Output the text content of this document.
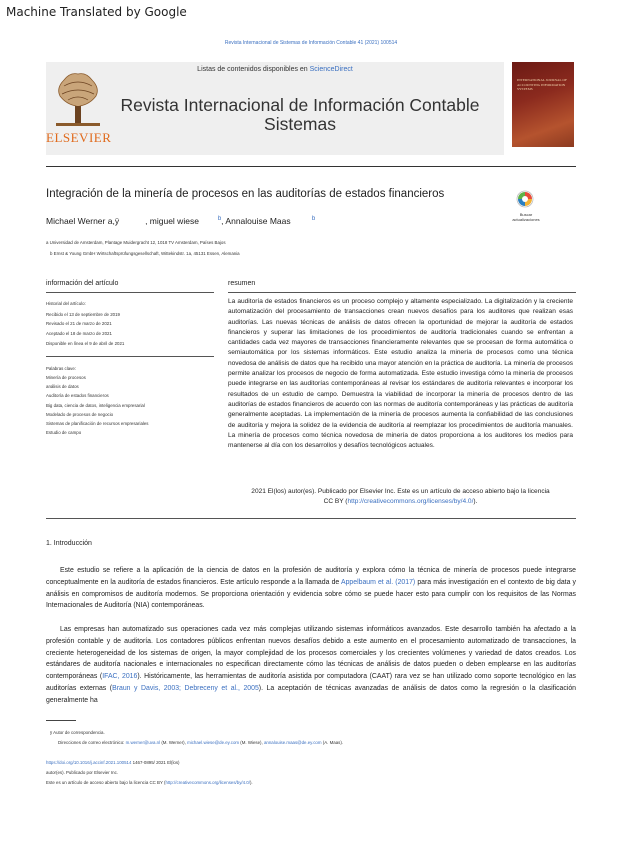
Machine Translated by Google
Revista Internacional de Sistemas de Información Contable 41 (2021) 100514
Listas de contenidos disponibles en ScienceDirect
Revista Internacional de Información Contable
Sistemas
ELSEVIER
INTERNATIONAL JOURNAL OF ACCOUNTING INFORMATION SYSTEMS
Integración de la minería de procesos en las auditorías de estados financieros
Buscar actualizaciones
Michael Werner a,ÿ	, miguel wiese	$^b$, Annalouise Maas	$^b$
a Universidad de Amsterdam, Plantage Muidergracht 12, 1018 TV Amsterdam, Países Bajos
b Ernst & Young GmbH Wirtschaftsprüfungsgesellschaft, Wittekindstr. 1a, 45131 Essen, Alemania
información del artículo
Historial del artículo:
Recibido el 13 de septiembre de 2019
Revisado el 21 de marzo de 2021
Aceptado el 18 de marzo de 2021
Disponible en línea el 9 de abril de 2021
Palabras clave:
Minería de procesos
análisis de datos
Auditoría de estados financieros
Big data, ciencia de datos, inteligencia empresarial
Modelado de procesos de negocio
Sistemas de planificación de recursos empresariales
Estudio de campo
resumen
La auditoría de estados financieros es un proceso complejo y altamente especializado. La digitalización y la creciente automatización del procesamiento de transacciones crean nuevos desafíos para los auditores que realizan esas auditorías. Las nuevas técnicas de análisis de datos ofrecen la oportunidad de mejorar la auditoría de estados financieros y superar las limitaciones de los procedimientos de auditoría tradicionales cuando se enfrentan a cantidades cada vez mayores de transacciones financieramente relevantes que se procesan de forma automática o semiautomática por los sistemas informáticos. Este estudio analiza la minería de procesos como una técnica novedosa de análisis de datos que ha recibido una mayor atención en la práctica de auditoría. La minería de procesos permite analizar los procesos de negocio de forma automatizada. Este estudio investiga cómo la minería de procesos puede integrarse en las auditorías contemporáneas al revisar los estándares de auditoría relevantes e incorporar los resultados de un estudio de campo. Demuestra la viabilidad de incorporar la minería de procesos dentro de las auditorías de estados financieros de acuerdo con las normas de auditoría contemporáneas y las prácticas de auditoría generalmente aceptadas. La implementación de la minería de procesos aumenta la confiabilidad de las conclusiones de auditoría y mejora la solidez de la evidencia de auditoría al reemplazar los procedimientos de auditoría manuales. La minería de procesos como técnica novedosa de minería de datos proporciona a los auditores los medios para mantenerse al día con los desarrollos y desafíos tecnológicos actuales.
2021 El(los) autor(es). Publicado por Elsevier Inc. Este es un artículo de acceso abierto bajo la licencia
CC BY (http://creativecommons.org/licenses/by/4.0/).
1. Introducción
Este estudio se refiere a la aplicación de la ciencia de datos en la profesión de auditoría y explora cómo la técnica de minería de procesos puede integrarse conceptualmente en la auditoría de estados financieros. Este artículo responde a la llamada de Appelbaum et al. (2017) para más investigación en el contexto de big data y análisis en compromisos de auditoría modernos. Se proporciona orientación y evidencia sobre cómo se puede hacer esto para cumplir con los requisitos de las Normas Internacionales de Auditoría (NIA) contemporáneas.
Las empresas han automatizado sus operaciones cada vez más complejas utilizando sistemas informáticos avanzados. Este desarrollo también ha afectado a la profesión contable y de auditoría. Los contadores públicos enfrentan nuevos desafíos debido a este aumento en el procesamiento automatizado de transacciones, la creciente heterogeneidad de los sistemas de origen, la mayor complejidad de los procesos comerciales y los crecientes volúmenes y variedad de datos creados. Los estándares de auditoría nacionales e internacionales no especifican directamente cómo las técnicas de análisis de datos pueden o deben emplearse en las auditorías contemporáneas (IFAC, 2016). Históricamente, las herramientas de auditoría asistida por computadora (CAAT) rara vez se han utilizado como soporte tecnológico en las auditorías externas (Braun y Davis, 2003; Debreceny et al., 2005). La aceptación de técnicas avanzadas de análisis de datos como la regresión o la clasificación generalmente ha
ÿ Autor de correspondencia.
Direcciones de correo electrónico: m.werner@uva.nl (M. Werner), michael.wiese@de.ey.com (M. Wiese), annalouise.maas@de.ey.com (A. Maas).
https://doi.org/10.1016/j.accinf.2021.100514 1467-0895/ 2021 El(los)
autor(es). Publicado por Elsevier Inc.
Este es un artículo de acceso abierto bajo la licencia CC BY (http://creativecommons.org/licenses/by/4.0/).
